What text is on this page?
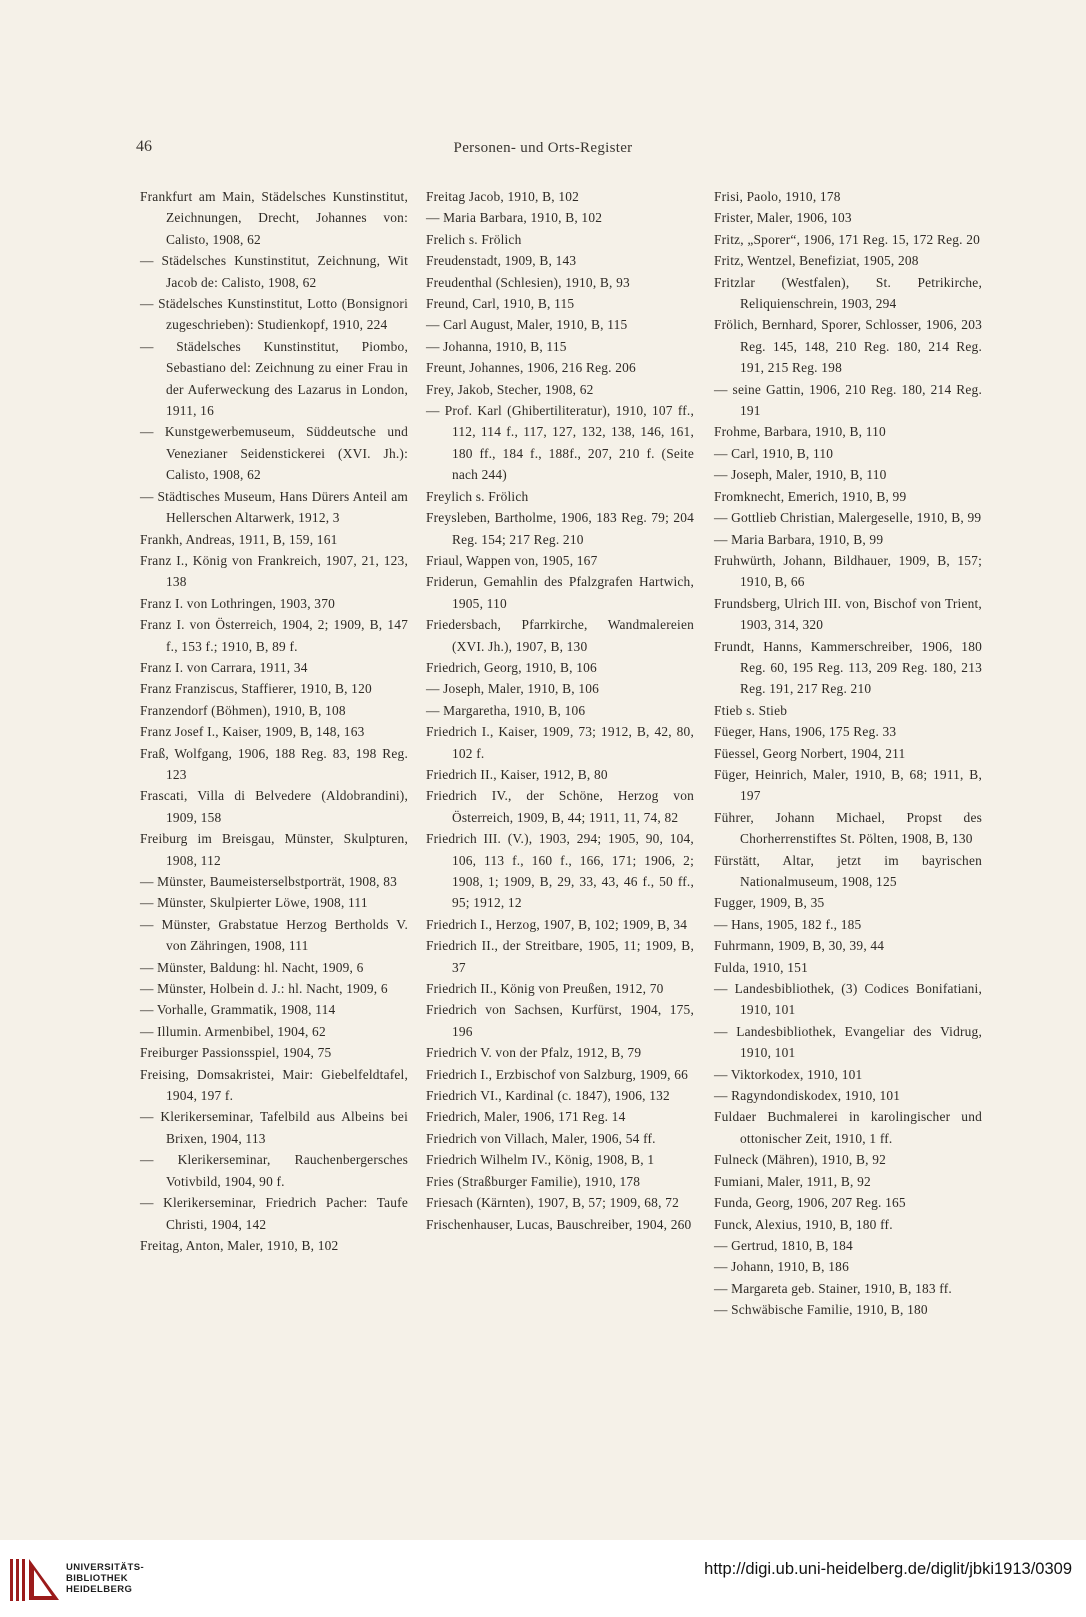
46	Personen- und Orts-Register
Frankfurt am Main, Städelsches Kunstinstitut, Zeichnungen, Drecht, Johannes von: Calisto, 1908, 62
— Städelsches Kunstinstitut, Zeichnung, Wit Jacob de: Calisto, 1908, 62
— Städelsches Kunstinstitut, Lotto (Bonsignori zugeschrieben): Studienkopf, 1910, 224
— Städelsches Kunstinstitut, Piombo, Sebastiano del: Zeichnung zu einer Frau in der Auferweckung des Lazarus in London, 1911, 16
— Kunstgewerbemuseum, Süddeutsche und Venezianer Seidenstickerei (XVI. Jh.): Calisto, 1908, 62
— Städtisches Museum, Hans Dürers Anteil am Hellerschen Altarwerk, 1912, 3
Frankh, Andreas, 1911, B, 159, 161
Franz I., König von Frankreich, 1907, 21, 123, 138
Franz I. von Lothringen, 1903, 370
Franz I. von Österreich, 1904, 2; 1909, B, 147 f., 153 f.; 1910, B, 89 f.
Franz I. von Carrara, 1911, 34
Franz Franziscus, Staffierer, 1910, B, 120
Franzendorf (Böhmen), 1910, B, 108
Franz Josef I., Kaiser, 1909, B, 148, 163
Fraß, Wolfgang, 1906, 188 Reg. 83, 198 Reg. 123
Frascati, Villa di Belvedere (Aldobrandini), 1909, 158
Freiburg im Breisgau, Münster, Skulpturen, 1908, 112
— Münster, Baumeisterselbstporträt, 1908, 83
— Münster, Skulpierter Löwe, 1908, 111
— Münster, Grabstatue Herzog Bertholds V. von Zähringen, 1908, 111
— Münster, Baldung: hl. Nacht, 1909, 6
— Münster, Holbein d. J.: hl. Nacht, 1909, 6
— Vorhalle, Grammatik, 1908, 114
— Illumin. Armenbibel, 1904, 62
Freiburger Passionsspiel, 1904, 75
Freising, Domsakristei, Mair: Giebelfeldtafel, 1904, 197 f.
— Klerikerseminar, Tafelbild aus Albeins bei Brixen, 1904, 113
— Klerikerseminar, Rauchenbergersches Votivbild, 1904, 90 f.
— Klerikerseminar, Friedrich Pacher: Taufe Christi, 1904, 142
Freitag, Anton, Maler, 1910, B, 102
Freitag Jacob, 1910, B, 102
— Maria Barbara, 1910, B, 102
Frelich s. Frölich
Freudenstadt, 1909, B, 143
Freudenthal (Schlesien), 1910, B, 93
Freund, Carl, 1910, B, 115
— Carl August, Maler, 1910, B, 115
— Johanna, 1910, B, 115
Freunt, Johannes, 1906, 216 Reg. 206
Frey, Jakob, Stecher, 1908, 62
— Prof. Karl (Ghibertiliteratur), 1910, 107 ff., 112, 114 f., 117, 127, 132, 138, 146, 161, 180 ff., 184 f., 188f., 207, 210 f. (Seite nach 244)
Freylich s. Frölich
Freysleben, Bartholme, 1906, 183 Reg. 79; 204 Reg. 154; 217 Reg. 210
Friaul, Wappen von, 1905, 167
Friderun, Gemahlin des Pfalzgrafen Hartwich, 1905, 110
Friedersbach, Pfarrkirche, Wandmalereien (XVI. Jh.), 1907, B, 130
Friedrich, Georg, 1910, B, 106
— Joseph, Maler, 1910, B, 106
— Margaretha, 1910, B, 106
Friedrich I., Kaiser, 1909, 73; 1912, B, 42, 80, 102 f.
Friedrich II., Kaiser, 1912, B, 80
Friedrich IV., der Schöne, Herzog von Österreich, 1909, B, 44; 1911, 11, 74, 82
Friedrich III. (V.), 1903, 294; 1905, 90, 104, 106, 113 f., 160 f., 166, 171; 1906, 2; 1908, 1; 1909, B, 29, 33, 43, 46 f., 50 ff., 95; 1912, 12
Friedrich I., Herzog, 1907, B, 102; 1909, B, 34
Friedrich II., der Streitbare, 1905, 11; 1909, B, 37
Friedrich II., König von Preußen, 1912, 70
Friedrich von Sachsen, Kurfürst, 1904, 175, 196
Friedrich V. von der Pfalz, 1912, B, 79
Friedrich I., Erzbischof von Salzburg, 1909, 66
Friedrich VI., Kardinal (c. 1847), 1906, 132
Friedrich, Maler, 1906, 171 Reg. 14
Friedrich von Villach, Maler, 1906, 54 ff.
Friedrich Wilhelm IV., König, 1908, B, 1
Fries (Straßburger Familie), 1910, 178
Friesach (Kärnten), 1907, B, 57; 1909, 68, 72
Frischenhauser, Lucas, Bauschreiber, 1904, 260
Frisi, Paolo, 1910, 178
Frister, Maler, 1906, 103
Fritz, „Sporer“, 1906, 171 Reg. 15, 172 Reg. 20
Fritz, Wentzel, Benefiziat, 1905, 208
Fritzlar (Westfalen), St. Petrikirche, Reliquienschrein, 1903, 294
Frölich, Bernhard, Sporer, Schlosser, 1906, 203 Reg. 145, 148, 210 Reg. 180, 214 Reg. 191, 215 Reg. 198
— seine Gattin, 1906, 210 Reg. 180, 214 Reg. 191
Frohme, Barbara, 1910, B, 110
— Carl, 1910, B, 110
— Joseph, Maler, 1910, B, 110
Fromknecht, Emerich, 1910, B, 99
— Gottlieb Christian, Malergeselle, 1910, B, 99
— Maria Barbara, 1910, B, 99
Fruhwürth, Johann, Bildhauer, 1909, B, 157; 1910, B, 66
Frundsberg, Ulrich III. von, Bischof von Trient, 1903, 314, 320
Frundt, Hanns, Kammerschreiber, 1906, 180 Reg. 60, 195 Reg. 113, 209 Reg. 180, 213 Reg. 191, 217 Reg. 210
Ftieb s. Stieb
Füeger, Hans, 1906, 175 Reg. 33
Füessel, Georg Norbert, 1904, 211
Füger, Heinrich, Maler, 1910, B, 68; 1911, B, 197
Führer, Johann Michael, Propst des Chorherrenstiftes St. Pölten, 1908, B, 130
Fürstätt, Altar, jetzt im bayrischen Nationalmuseum, 1908, 125
Fugger, 1909, B, 35
— Hans, 1905, 182 f., 185
Fuhrmann, 1909, B, 30, 39, 44
Fulda, 1910, 151
— Landesbibliothek, (3) Codices Bonifatiani, 1910, 101
— Landesbibliothek, Evangeliar des Vidrug, 1910, 101
— Viktorkodex, 1910, 101
— Ragyndondiskodex, 1910, 101
Fuldaer Buchmalerei in karolingischer und ottonischer Zeit, 1910, 1 ff.
Fulneck (Mähren), 1910, B, 92
Fumiani, Maler, 1911, B, 92
Funda, Georg, 1906, 207 Reg. 165
Funck, Alexius, 1910, B, 180 ff.
— Gertrud, 1810, B, 184
— Johann, 1910, B, 186
— Margareta geb. Stainer, 1910, B, 183 ff.
— Schwäbische Familie, 1910, B, 180
UNIVERSITÄTS-
BIBLIOTHEK
HEIDELBERG
http://digi.ub.uni-heidelberg.de/diglit/jbki1913/0309
